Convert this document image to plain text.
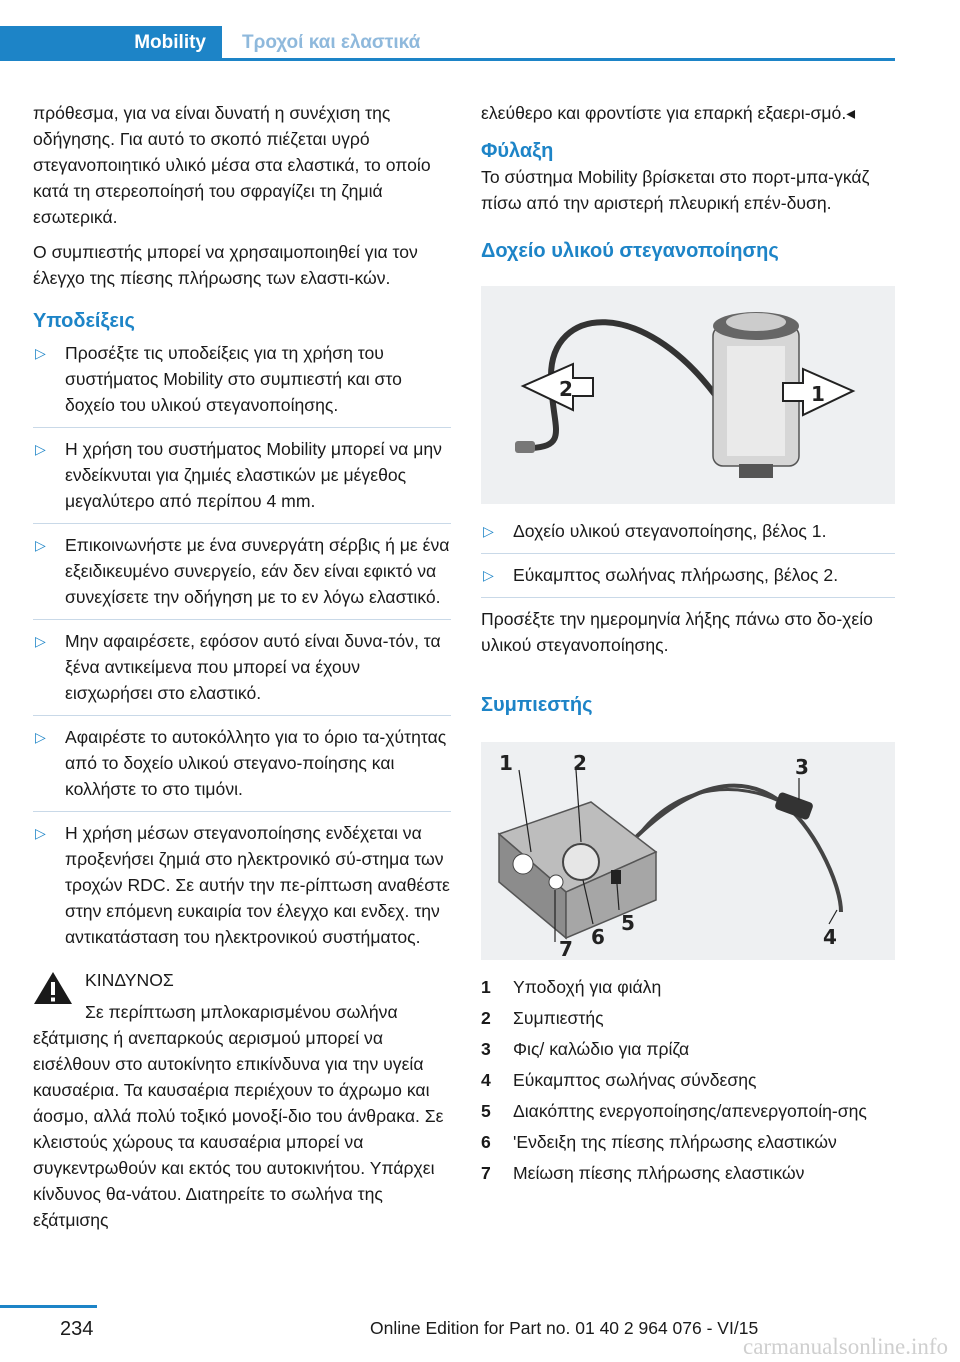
Mobility	Τροχοί και ελαστικά

πρόθεσμα, για να είναι δυνατή η συνέχιση της οδήγησης. Για αυτό το σκοπό πιέζεται υγρό στεγανοποιητικό υλικό μέσα στα ελαστικά, το οποίο κατά τη στερεοποίησή του σφραγίζει τη ζημιά εσωτερικά.

Ο συμπιεστής μπορεί να χρησαιμοποιηθεί για τον έλεγχο της πίεσης πλήρωσης των ελαστι-κών.

Υποδείξεις
▷ Προσέξτε τις υποδείξεις για τη χρήση του συστήματος Mobility στο συμπιεστή και στο δοχείο του υλικού στεγανοποίησης.
▷ Η χρήση του συστήματος Mobility μπορεί να μην ενδείκνυται για ζημιές ελαστικών με μέγεθος μεγαλύτερο από περίπου 4 mm.
▷ Επικοινωνήστε με ένα συνεργάτη σέρβις ή με ένα εξειδικευμένο συνεργείο, εάν δεν είναι εφικτό να συνεχίσετε την οδήγηση με το εν λόγω ελαστικό.
▷ Μην αφαιρέσετε, εφόσον αυτό είναι δυνα-τόν, τα ξένα αντικείμενα που μπορεί να έχουν εισχωρήσει στο ελαστικό.
▷ Αφαιρέστε το αυτοκόλλητο για το όριο τα-χύτητας από το δοχείο υλικού στεγανο-ποίησης και κολλήστε το στο τιμόνι.
▷ Η χρήση μέσων στεγανοποίησης ενδέχεται να προξενήσει ζημιά στο ηλεκτρονικό σύ-στημα των τροχών RDC. Σε αυτήν την πε-ρίπτωση αναθέστε στην επόμενη ευκαιρία τον έλεγχο και ενδεχ. την αντικατάσταση του ηλεκτρονικού συστήματος.
ΚΙΝΔΥΝΟΣ
Σε περίπτωση μπλοκαρισμένου σωλήνα εξάτμισης ή ανεπαρκούς αερισμού μπορεί να εισέλθουν στο αυτοκίνητο επικίνδυνα για την υγεία καυσαέρια. Τα καυσαέρια περιέχουν το άχρωμο και άοσμο, αλλά πολύ τοξικό μονοξί-διο του άνθρακα. Σε κλειστούς χώρους τα καυσαέρια μπορεί να συγκεντρωθούν και εκτός του αυτοκινήτου. Υπάρχει κίνδυνος θα-νάτου. Διατηρείτε το σωλήνα της εξάτμισης

ελεύθερο και φροντίστε για επαρκή εξαερι-σμό.◂

Φύλαξη

Το σύστημα Mobility βρίσκεται στο πορτ-μπα-γκάζ πίσω από την αριστερή πλευρική επέν-δυση.

Δοχείο υλικού στεγανοποίησης
2	1
▷ Δοχείο υλικού στεγανοποίησης, βέλος 1.
▷ Εύκαμπτος σωλήνας πλήρωσης, βέλος 2.

Προσέξτε την ημερομηνία λήξης πάνω στο δο-χείο υλικού στεγανοποίησης.

Συμπιεστής
1	2	3
4
5
6
7
1 Υποδοχή για φιάλη
2 Συμπιεστής
3 Φις/ καλώδιο για πρίζα
4 Εύκαμπτος σωλήνας σύνδεσης
5 Διακόπτης ενεργοποίησης/απενεργοποίη-σης
6 'Ενδειξη της πίεσης πλήρωσης ελαστικών
7 Μείωση πίεσης πλήρωσης ελαστικών
234	Online Edition for Part no. 01 40 2 964 076 - VI/15
carmanualsonline.info
